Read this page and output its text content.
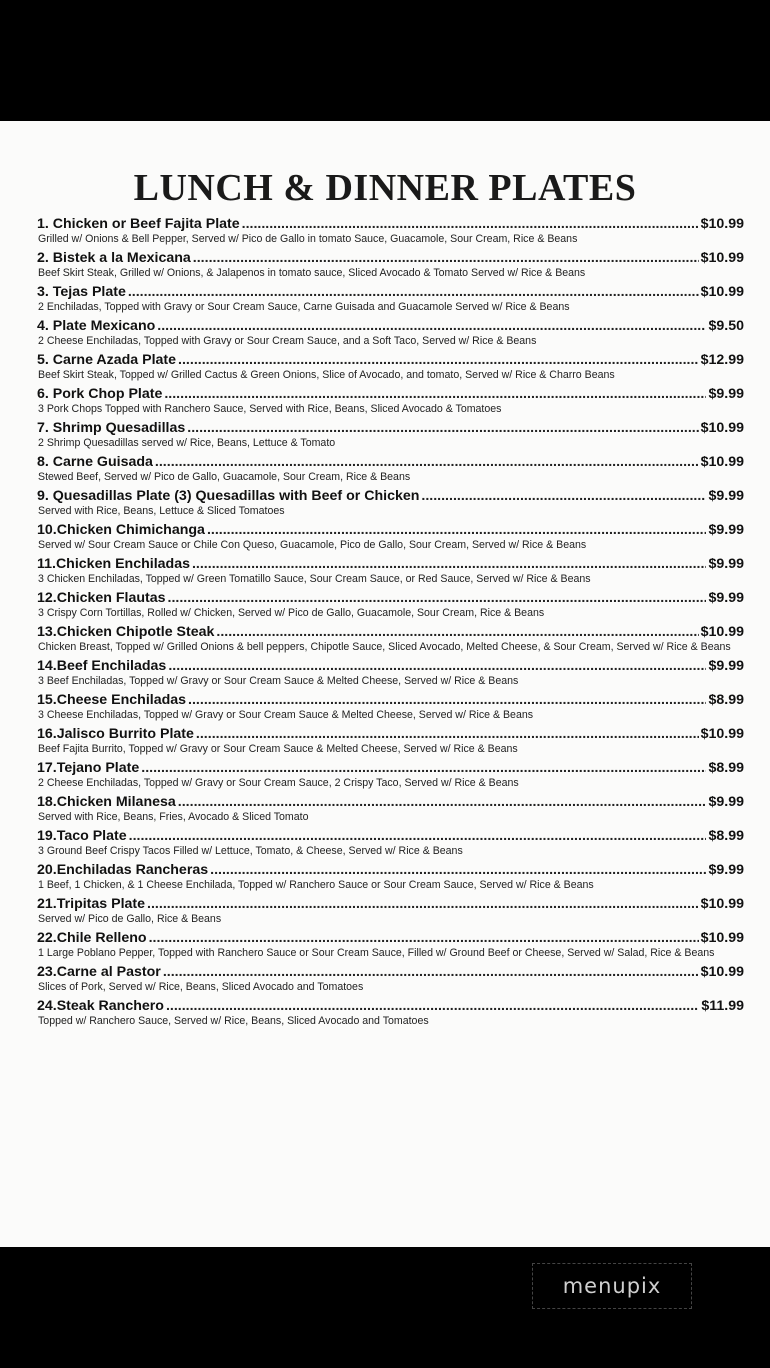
LUNCH & DINNER PLATES
1. Chicken or Beef Fajita Plate .....	$10.99
Grilled w/ Onions & Bell Pepper, Served w/ Pico de Gallo in tomato Sauce, Guacamole, Sour Cream, Rice & Beans
2. Bistek a la Mexicana .....	$10.99
Beef Skirt Steak, Grilled w/ Onions, & Jalapenos in tomato sauce, Sliced Avocado & Tomato Served w/ Rice & Beans
3. Tejas Plate .....	$10.99
2 Enchiladas, Topped with Gravy or Sour Cream Sauce, Carne Guisada and Guacamole Served w/ Rice & Beans
4. Plate Mexicano .....	$9.50
2 Cheese Enchiladas, Topped with Gravy or Sour Cream Sauce, and a Soft Taco, Served w/ Rice & Beans
5. Carne Azada Plate .....	$12.99
Beef Skirt Steak, Topped w/ Grilled Cactus & Green Onions, Slice of Avocado, and tomato, Served w/ Rice & Charro Beans
6. Pork Chop Plate .....	$9.99
3 Pork Chops Topped with Ranchero Sauce, Served with Rice, Beans, Sliced Avocado & Tomatoes
7. Shrimp Quesadillas .....	$10.99
2 Shrimp Quesadillas served w/ Rice, Beans, Lettuce & Tomato
8. Carne Guisada .....	$10.99
Stewed Beef, Served w/ Pico de Gallo, Guacamole, Sour Cream, Rice & Beans
9. Quesadillas Plate (3) Quesadillas with Beef or Chicken .....	$9.99
Served with Rice, Beans, Lettuce & Sliced Tomatoes
10.Chicken Chimichanga .....	$9.99
Served w/ Sour Cream Sauce or Chile Con Queso, Guacamole, Pico de Gallo, Sour Cream, Served w/ Rice & Beans
11.Chicken Enchiladas .....	$9.99
3 Chicken Enchiladas, Topped w/ Green Tomatillo Sauce, Sour Cream Sauce, or Red Sauce, Served w/ Rice & Beans
12.Chicken Flautas .....	$9.99
3 Crispy Corn Tortillas, Rolled w/ Chicken, Served w/ Pico de Gallo, Guacamole, Sour Cream, Rice & Beans
13.Chicken Chipotle Steak .....	$10.99
Chicken Breast, Topped w/ Grilled Onions & bell peppers, Chipotle Sauce, Sliced Avocado, Melted Cheese, & Sour Cream, Served w/ Rice & Beans
14.Beef Enchiladas .....	$9.99
3 Beef Enchiladas, Topped w/ Gravy or Sour Cream Sauce & Melted Cheese, Served w/ Rice & Beans
15.Cheese Enchiladas .....	$8.99
3 Cheese Enchiladas, Topped w/ Gravy or Sour Cream Sauce & Melted Cheese, Served w/ Rice & Beans
16.Jalisco Burrito Plate .....	$10.99
Beef Fajita Burrito, Topped w/ Gravy or Sour Cream Sauce & Melted Cheese, Served w/ Rice & Beans
17.Tejano Plate .....	$8.99
2 Cheese Enchiladas, Topped w/ Gravy or Sour Cream Sauce, 2 Crispy Taco, Served w/ Rice & Beans
18.Chicken Milanesa .....	$9.99
Served with Rice, Beans, Fries, Avocado & Sliced Tomato
19.Taco Plate .....	$8.99
3 Ground Beef Crispy Tacos Filled w/ Lettuce, Tomato, & Cheese, Served w/ Rice & Beans
20.Enchiladas Rancheras .....	$9.99
1 Beef, 1 Chicken, & 1 Cheese Enchilada, Topped w/ Ranchero Sauce or Sour Cream Sauce, Served w/ Rice & Beans
21.Tripitas Plate .....	$10.99
Served w/ Pico de Gallo, Rice & Beans
22.Chile Relleno .....	$10.99
1 Large Poblano Pepper, Topped with Ranchero Sauce or Sour Cream Sauce, Filled w/ Ground Beef or Cheese, Served w/ Salad, Rice & Beans
23.Carne al Pastor .....	$10.99
Slices of Pork, Served w/ Rice, Beans, Sliced Avocado and Tomatoes
24.Steak Ranchero .....	$11.99
Topped w/ Ranchero Sauce, Served w/ Rice, Beans, Sliced Avocado and Tomatoes
menupix
